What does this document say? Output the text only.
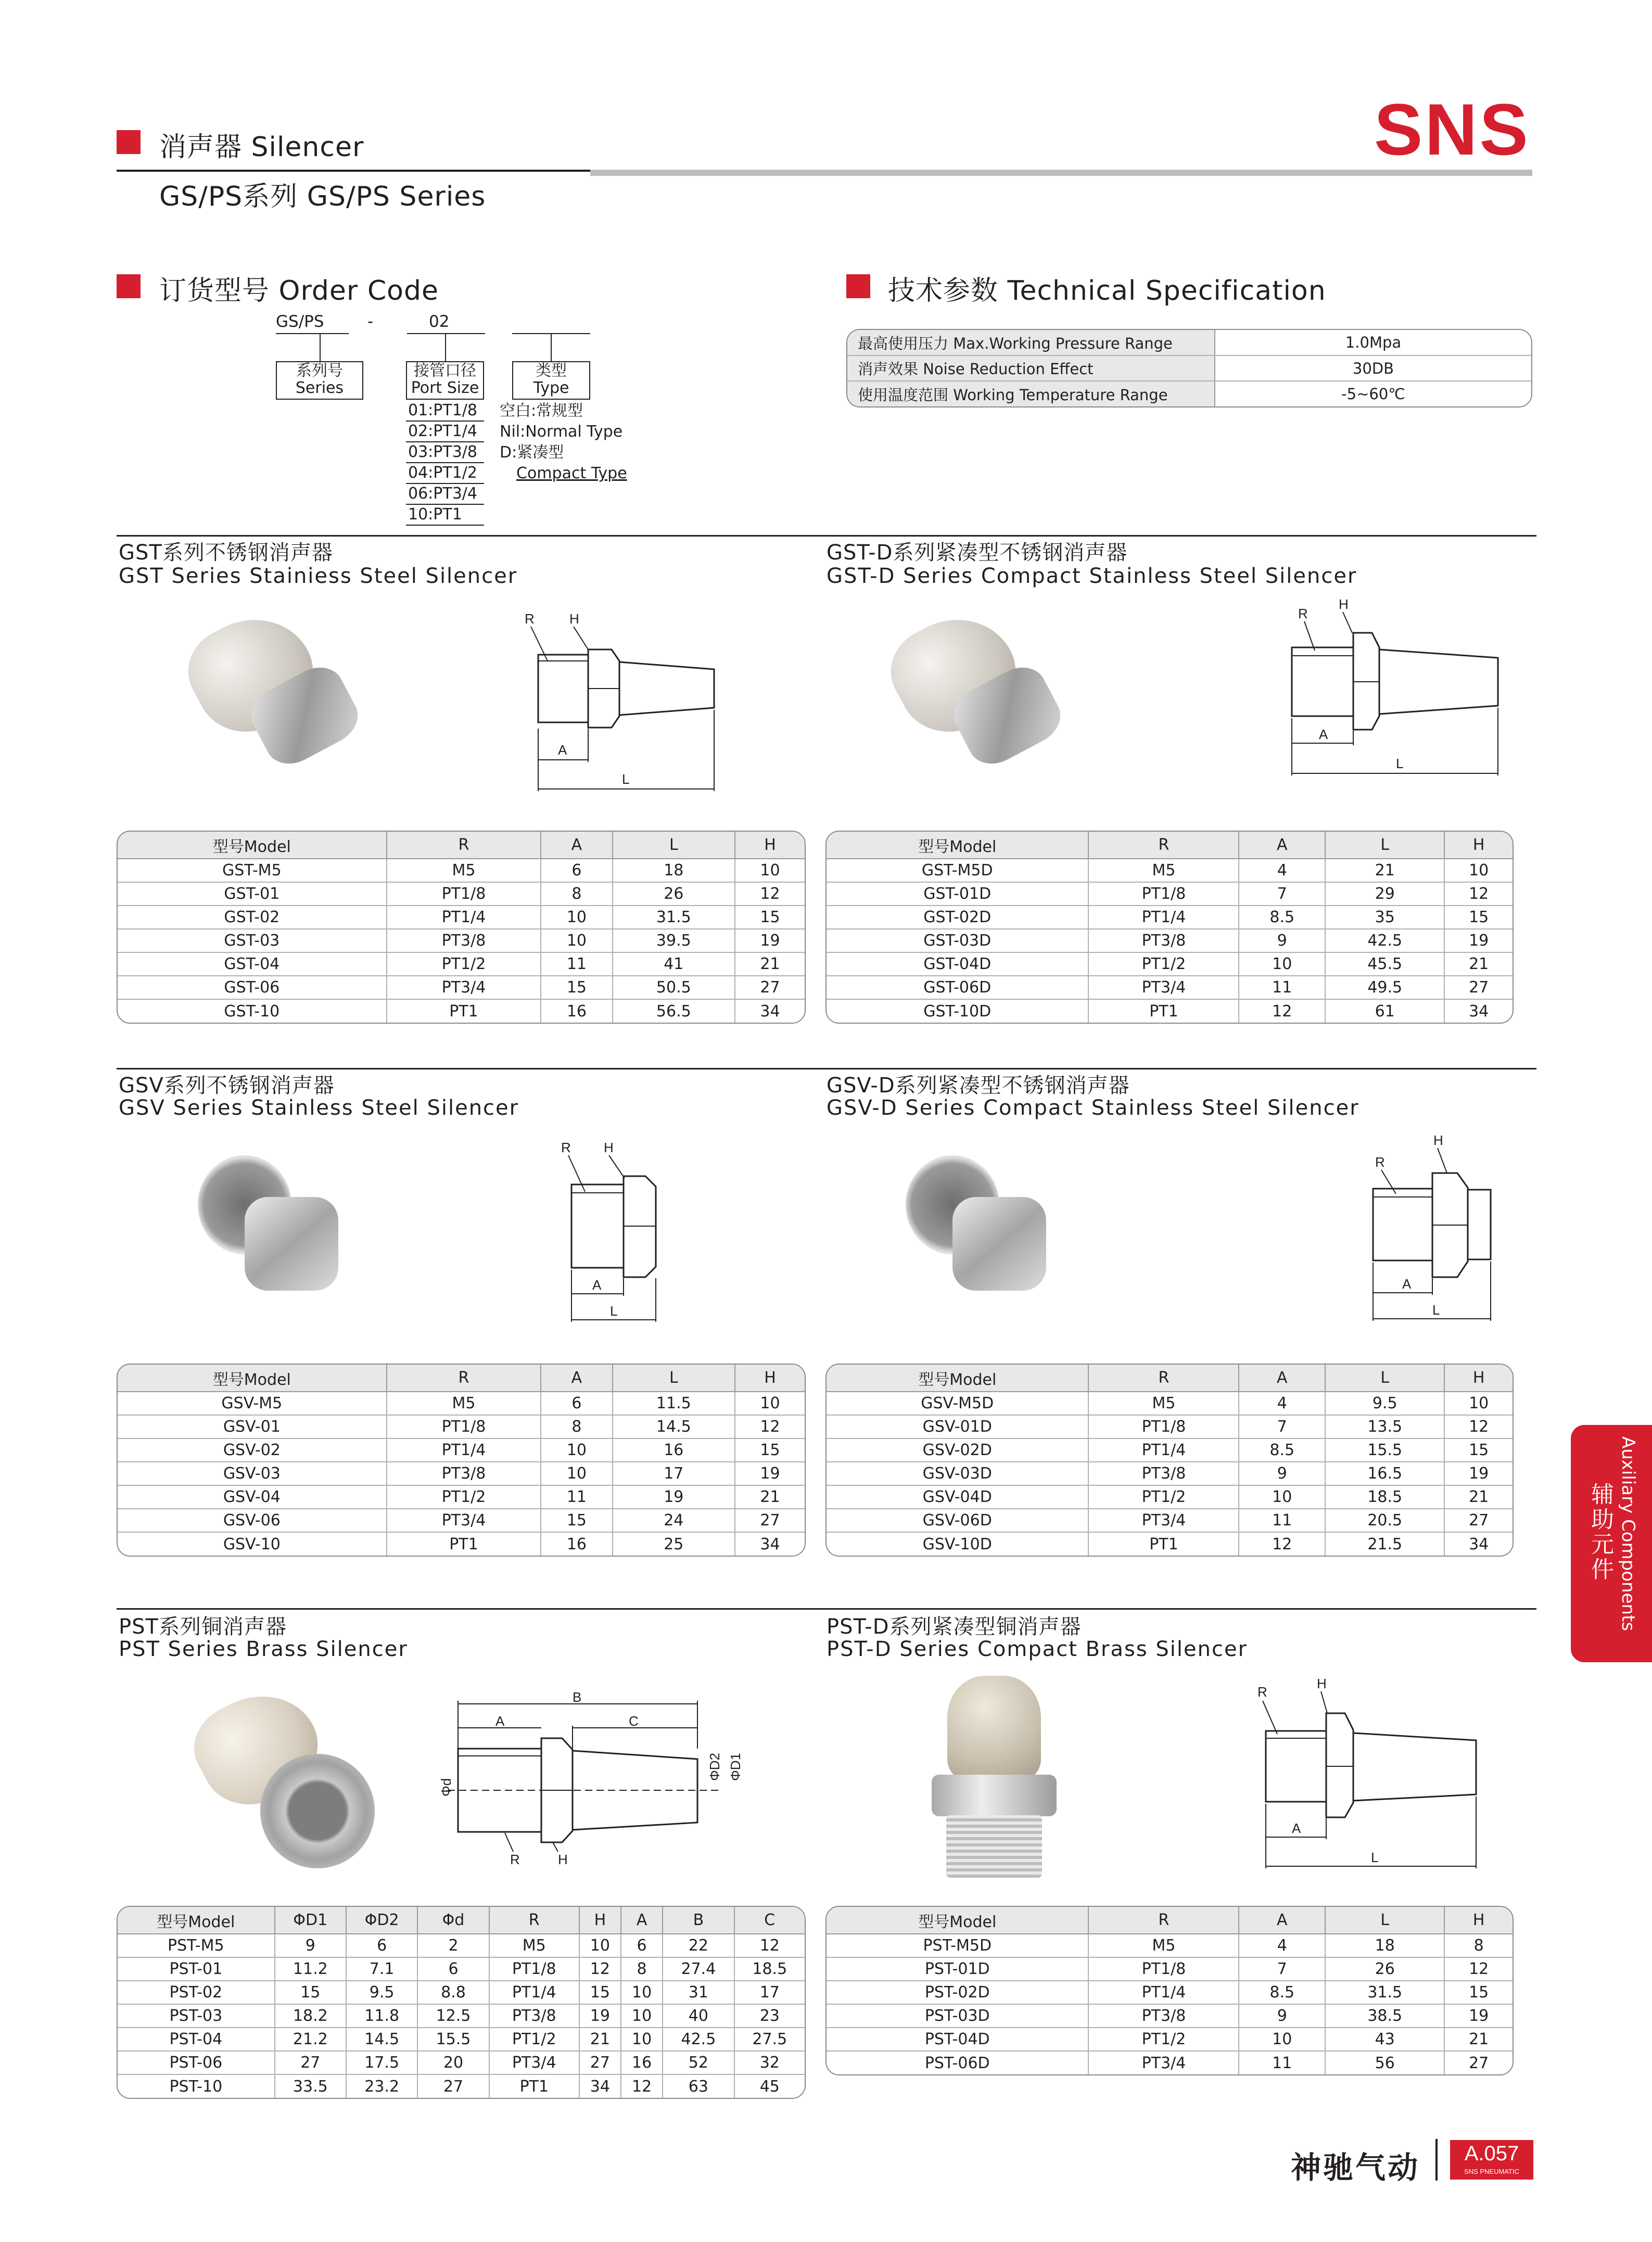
消声器 Silencer
GS/PS系列 GS/PS Series
SNS
订货型号 Order Code
GS/PS	-	02
系列号
Series
接管口径
Port Size
类型
Type
01:PT1/8
02:PT1/4
03:PT3/8
04:PT1/2
06:PT3/4
10:PT1
空白:常规型
Nil:Normal Type
D:紧凑型
Compact Type
技术参数 Technical Specification
最高使用压力 Max.Working Pressure Range	1.0Mpa
消声效果 Noise Reduction Effect	30DB
使用温度范围 Working Temperature Range	-5~60℃
GST系列不锈钢消声器
GST Series Stainiess Steel Silencer
R	H
A
L
型号Model	R	A	L	H
GST-M5	M5	6	18	10
GST-01	PT1/8	8	26	12
GST-02	PT1/4	10	31.5	15
GST-03	PT3/8	10	39.5	19
GST-04	PT1/2	11	41	21
GST-06	PT3/4	15	50.5	27
GST-10	PT1	16	56.5	34
GST-D系列紧凑型不锈钢消声器
GST-D Series Compact Stainless Steel Silencer
R
H
A
L
型号Model	R	A	L	H
GST-M5D	M5	4	21	10
GST-01D	PT1/8	7	29	12
GST-02D	PT1/4	8.5	35	15
GST-03D	PT3/8	9	42.5	19
GST-04D	PT1/2	10	45.5	21
GST-06D	PT3/4	11	49.5	27
GST-10D	PT1	12	61	34
GSV系列不锈钢消声器
GSV Series Stainless Steel Silencer
R H
A
L
型号Model	R	A	L	H
GSV-M5	M5	6	11.5	10
GSV-01	PT1/8	8	14.5	12
GSV-02	PT1/4	10	16	15
GSV-03	PT3/8	10	17	19
GSV-04	PT1/2	11	19	21
GSV-06	PT3/4	15	24	27
GSV-10	PT1	16	25	34
GSV-D系列紧凑型不锈钢消声器
GSV-D Series Compact Stainless Steel Silencer
R
H
A
L
型号Model	R	A	L	H
GSV-M5D	M5	4	9.5	10
GSV-01D	PT1/8	7	13.5	12
GSV-02D	PT1/4	8.5	15.5	15
GSV-03D	PT3/8	9	16.5	19
GSV-04D	PT1/2	10	18.5	21
GSV-06D	PT3/4	11	20.5	27
GSV-10D	PT1	12	21.5	34
PST系列铜消声器
PST Series Brass Silencer
B
A	C
Φd
ΦD2 ΦD1
R	H
型号Model	ΦD1	ΦD2	Φd	R	H	A	B	C
PST-M5	9	6	2	M5	10	6	22	12
PST-01	11.2	7.1	6	PT1/8	12	8	27.4	18.5
PST-02	15	9.5	8.8	PT1/4	15	10	31	17
PST-03	18.2	11.8	12.5	PT3/8	19	10	40	23
PST-04	21.2	14.5	15.5	PT1/2	21	10	42.5	27.5
PST-06	27	17.5	20	PT3/4	27	16	52	32
PST-10	33.5	23.2	27	PT1	34	12	63	45
PST-D系列紧凑型铜消声器
PST-D Series Compact Brass Silencer
R
H
A
L
型号Model	R	A	L	H
PST-M5D	M5	4	18	8
PST-01D	PT1/8	7	26	12
PST-02D	PT1/4	8.5	31.5	15
PST-03D	PT3/8	9	38.5	19
PST-04D	PT1/2	10	43	21
PST-06D	PT3/4	11	56	27
Auxiliary Components
辅助元件
神驰气动	A.057
SNS PNEUMATIC
